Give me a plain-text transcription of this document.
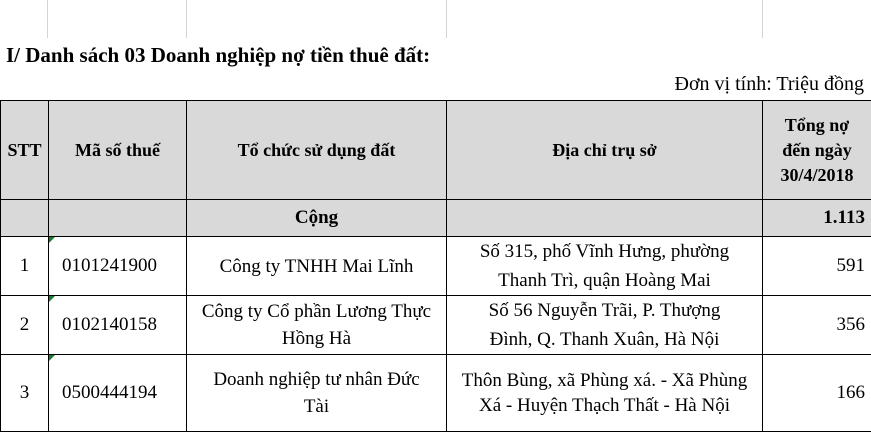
I/ Danh sách 03 Doanh nghiệp nợ tiền thuê đất:
Đơn vị tính: Triệu đồng
STT	Mã số thuế	Tổ chức sử dụng đất	Địa chỉ trụ sở	Tổng nợ
đến ngày
30/4/2018

		Cộng		1.113
1	0101241900	Công ty TNHH Mai Lĩnh	Số 315, phố Vĩnh Hưng, phường Thanh Trì, quận Hoàng Mai	591
2	0102140158	Công ty Cổ phần Lương Thực Hồng Hà	Số 56 Nguyễn Trãi, P. Thượng Đình, Q. Thanh Xuân, Hà Nội	356
3	0500444194	Doanh nghiệp tư nhân Đức Tài	Thôn Bùng, xã Phùng xá. - Xã Phùng Xá - Huyện Thạch Thất - Hà Nội	166
